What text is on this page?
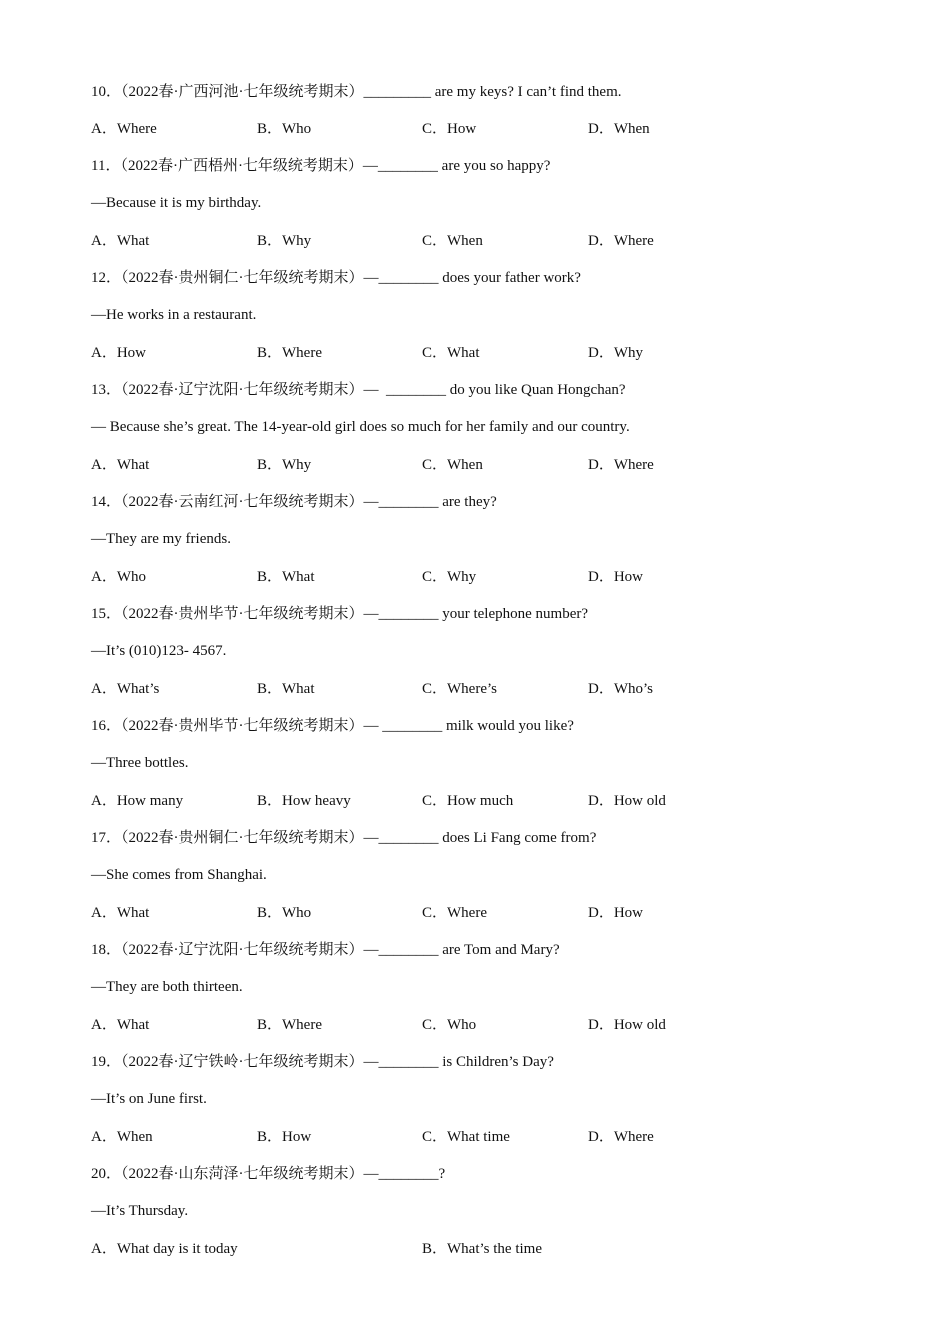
10．（2022春·广西河池·七年级统考期末）_________ are my keys? I can’t find them.
A．Where	B．Who	C．How	D．When
11．（2022春·广西梧州·七年级统考期末）—________ are you so happy?
—Because it is my birthday.
A．What	B．Why	C．When	D．Where
12．（2022春·贵州铜仁·七年级统考期末）—________ does your father work?
—He works in a restaurant.
A．How	B．Where	C．What	D．Why
13．（2022春·辽宁沈阳·七年级统考期末）—  ________ do you like Quan Hongchan?
— Because she’s great. The 14-year-old girl does so much for her family and our country.
A．What	B．Why	C．When	D．Where
14．（2022春·云南红河·七年级统考期末）—________ are they?
—They are my friends.
A．Who	B．What	C．Why	D．How
15．（2022春·贵州毕节·七年级统考期末）—________ your telephone number?
—It’s (010)123- 4567.
A．What’s	B．What	C．Where’s	D．Who’s
16．（2022春·贵州毕节·七年级统考期末）— ________ milk would you like?
—Three bottles.
A．How many	B．How heavy	C．How much	D．How old
17．（2022春·贵州铜仁·七年级统考期末）—________ does Li Fang come from?
—She comes from Shanghai.
A．What	B．Who	C．Where	D．How
18．（2022春·辽宁沈阳·七年级统考期末）—________ are Tom and Mary?
—They are both thirteen.
A．What	B．Where	C．Who	D．How old
19．（2022春·辽宁铁岭·七年级统考期末）—________ is Children’s Day?
—It’s on June first.
A．When	B．How	C．What time	D．Where
20．（2022春·山东菏泽·七年级统考期末）—________?
—It’s Thursday.
A．What day is it today	B．What’s the time
